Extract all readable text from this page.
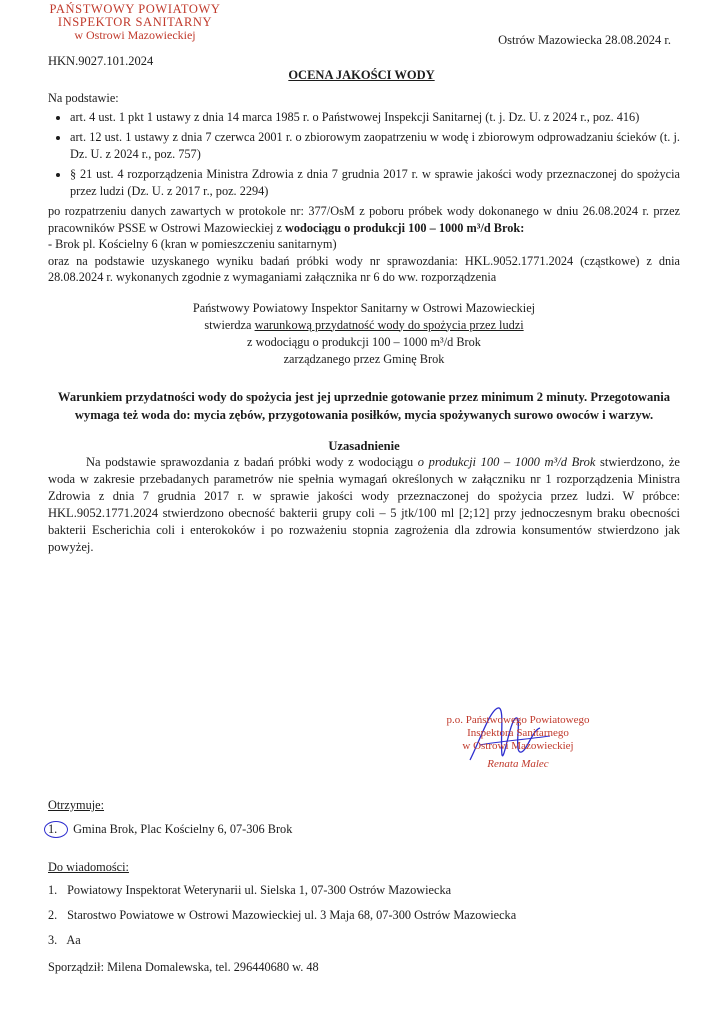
PAŃSTWOWY POWIATOWY
INSPEKTOR SANITARNY
w Ostrowi Mazowieckiej	Ostrów Mazowiecka 28.08.2024 r.
HKN.9027.101.2024
OCENA JAKOŚCI WODY

Na podstawie:

• art. 4 ust. 1 pkt 1 ustawy z dnia 14 marca 1985 r. o Państwowej Inspekcji Sanitarnej (t. j. Dz. U. z 2024 r., poz. 416)
• art. 12 ust. 1 ustawy z dnia 7 czerwca 2001 r. o zbiorowym zaopatrzeniu w wodę i zbiorowym odprowadzaniu ścieków (t. j. Dz. U. z 2024 r., poz. 757)
• § 21 ust. 4 rozporządzenia Ministra Zdrowia z dnia 7 grudnia 2017 r. w sprawie jakości wody przeznaczonej do spożycia przez ludzi (Dz. U. z 2017 r., poz. 2294)

po rozpatrzeniu danych zawartych w protokole nr: 377/OsM z poboru próbek wody dokonanego w dniu 26.08.2024 r. przez pracowników PSSE w Ostrowi Mazowieckiej z wodociągu o produkcji 100 – 1000 m³/d Brok:

- Brok pl. Kościelny 6 (kran w pomieszczeniu sanitarnym)

oraz na podstawie uzyskanego wyniku badań próbki wody nr sprawozdania: HKL.9052.1771.2024 (cząstkowe) z dnia 28.08.2024 r. wykonanych zgodnie z wymaganiami załącznika nr 6 do ww. rozporządzenia

Państwowy Powiatowy Inspektor Sanitarny w Ostrowi Mazowieckiej
stwierdza warunkową przydatność wody do spożycia przez ludzi
z wodociągu o produkcji 100 – 1000 m³/d Brok
zarządzanego przez Gminę Brok
Warunkiem przydatności wody do spożycia jest jej uprzednie gotowanie przez minimum 2 minuty. Przegotowania wymaga też woda do: mycia zębów, przygotowania posiłków, mycia spożywanych surowo owoców i warzyw.
Uzasadnienie

Na podstawie sprawozdania z badań próbki wody z wodociągu o produkcji 100 – 1000 m³/d Brok stwierdzono, że woda w zakresie przebadanych parametrów nie spełnia wymagań określonych w załączniku nr 1 rozporządzenia Ministra Zdrowia z dnia 7 grudnia 2017 r. w sprawie jakości wody przeznaczonej do spożycia przez ludzi. W próbce: HKL.9052.1771.2024 stwierdzono obecność bakterii grupy coli – 5 jtk/100 ml [2;12] przy jednoczesnym braku obecności bakterii Escherichia coli i enterokoków i po rozważeniu stopnia zagrożenia dla zdrowia konsumentów stwierdzono jak powyżej.

p.o. Państwowego Powiatowego
Inspektora Sanitarnego
w Ostrowi Mazowieckiej
Renata Malec
Otrzymuje:
1. Gmina Brok, Plac Kościelny 6, 07-306 Brok
Do wiadomości:
1. Powiatowy Inspektorat Weterynarii ul. Sielska 1, 07-300 Ostrów Mazowiecka
2. Starostwo Powiatowe w Ostrowi Mazowieckiej ul. 3 Maja 68, 07-300 Ostrów Mazowiecka
3. Aa
Sporządził: Milena Domalewska, tel. 296440680 w. 48
